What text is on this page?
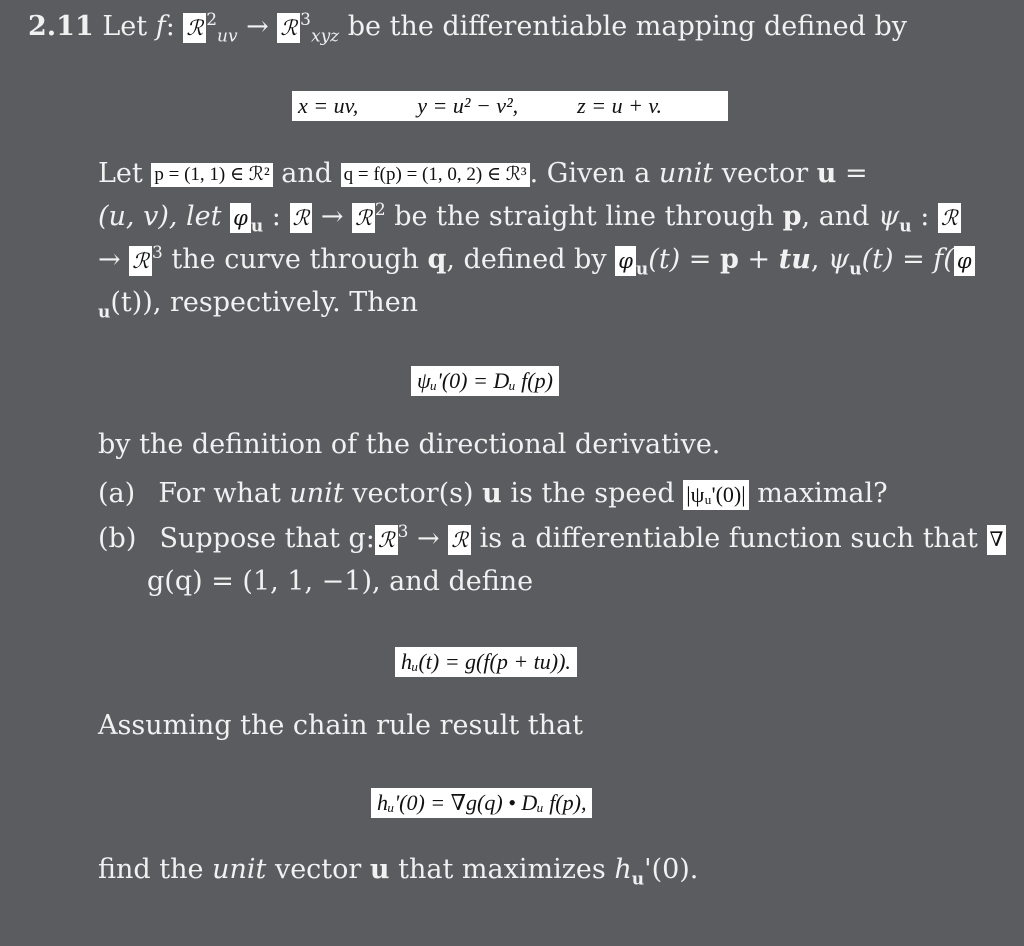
2.11 Let f: ℛ $^2_{uv}$ → ℛ $^3_{xyz}$ be the differentiable mapping defined by
x = uv,	y = u² − v²,	z = u + v.
Let p = (1, 1) ∈ ℛ² and q = f(p) = (1, 0, 2) ∈ ℛ³ . Given a unit vector u =
(u, v), let φ $_u$ : ℛ → ℛ $^2$ be the straight line through p, and $\psi_u$ : ℛ
→ ℛ $^3$ the curve through q, defined by φ $_u$(t) = p + tu, $\psi_u(t) = f$( φ
$_u$(t)), respectively. Then
ψᵤ'(0) = Dᵤ f(p)
by the definition of the directional derivative.
(a) For what unit vector(s) u is the speed |ψᵤ'(0)| maximal?
(b) Suppose that g: ℛ $^3$ → ℛ is a differentiable function such that ∇
g(q) = (1, 1, −1), and define
hᵤ(t) = g(f(p + tu)).
Assuming the chain rule result that
hᵤ'(0) = ∇g(q) • Dᵤ f(p),
find the unit vector u that maximizes $h_u'(0)$.
